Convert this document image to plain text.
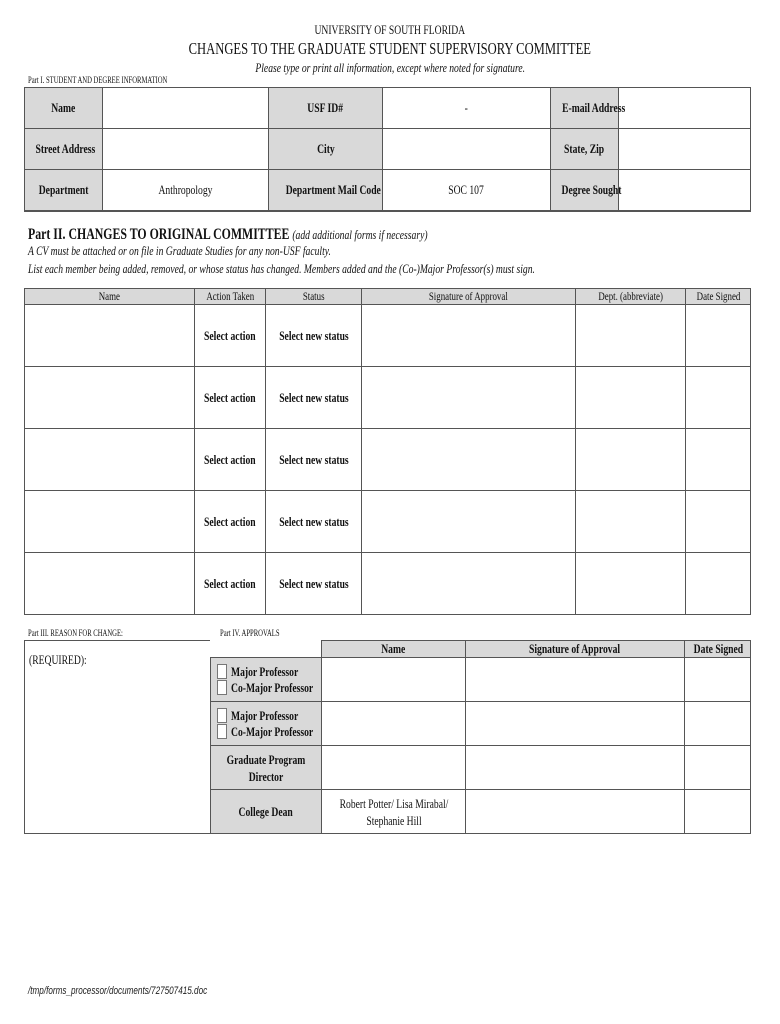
UNIVERSITY OF SOUTH FLORIDA
CHANGES TO THE GRADUATE STUDENT SUPERVISORY COMMITTEE
Please type or print all information, except where noted for signature.
Part I. STUDENT AND DEGREE INFORMATION
Name		USF ID#	-	E-mail Address	
Street Address		City		State, Zip	
Department	Anthropology	Department Mail Code	SOC 107	Degree Sought	
Part II. CHANGES TO ORIGINAL COMMITTEE (add additional forms if necessary)
A CV must be attached or on file in Graduate Studies for any non-USF faculty.
List each member being added, removed, or whose status has changed. Members added and the (Co-)Major Professor(s) must sign.
Name	Action Taken	Status	Signature of Approval	Dept. (abbreviate)	Date Signed
	Select action	Select new status			
	Select action	Select new status			
	Select action	Select new status			
	Select action	Select new status			
	Select action	Select new status			
Part III. REASON FOR CHANGE:	Part IV. APPROVALS
(REQUIRED):
	Name	Signature of Approval	Date Signed

Major Professor
Co-Major Professor			

Major Professor
Co-Major Professor			

Graduate Program Director			

College Dean	Robert Potter/ Lisa Mirabal/ Stephanie Hill		

/tmp/forms_processor/documents/727507415.doc
